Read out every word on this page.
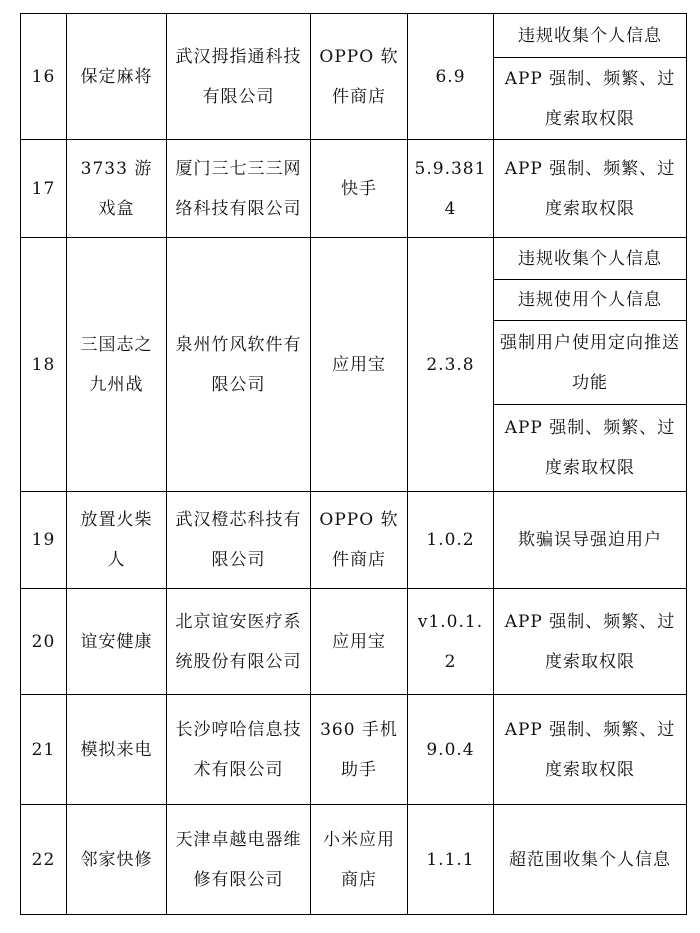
16	保定麻将	武汉拇指通科技有限公司	OPPO 软件商店	6.9	违规收集个人信息
					APP 强制、频繁、过度索取权限
17	3733 游戏盒	厦门三七三三网络科技有限公司	快手	5.9.3814	APP 强制、频繁、过度索取权限
18	三国志之九州战	泉州竹风软件有限公司	应用宝	2.3.8	违规收集个人信息
					违规使用个人信息
					强制用户使用定向推送功能
					APP 强制、频繁、过度索取权限
19	放置火柴人	武汉橙芯科技有限公司	OPPO 软件商店	1.0.2	欺骗误导强迫用户
20	谊安健康	北京谊安医疗系统股份有限公司	应用宝	v1.0.1.2	APP 强制、频繁、过度索取权限
21	模拟来电	长沙哼哈信息技术有限公司	360 手机助手	9.0.4	APP 强制、频繁、过度索取权限
22	邻家快修	天津卓越电器维修有限公司	小米应用商店	1.1.1	超范围收集个人信息
